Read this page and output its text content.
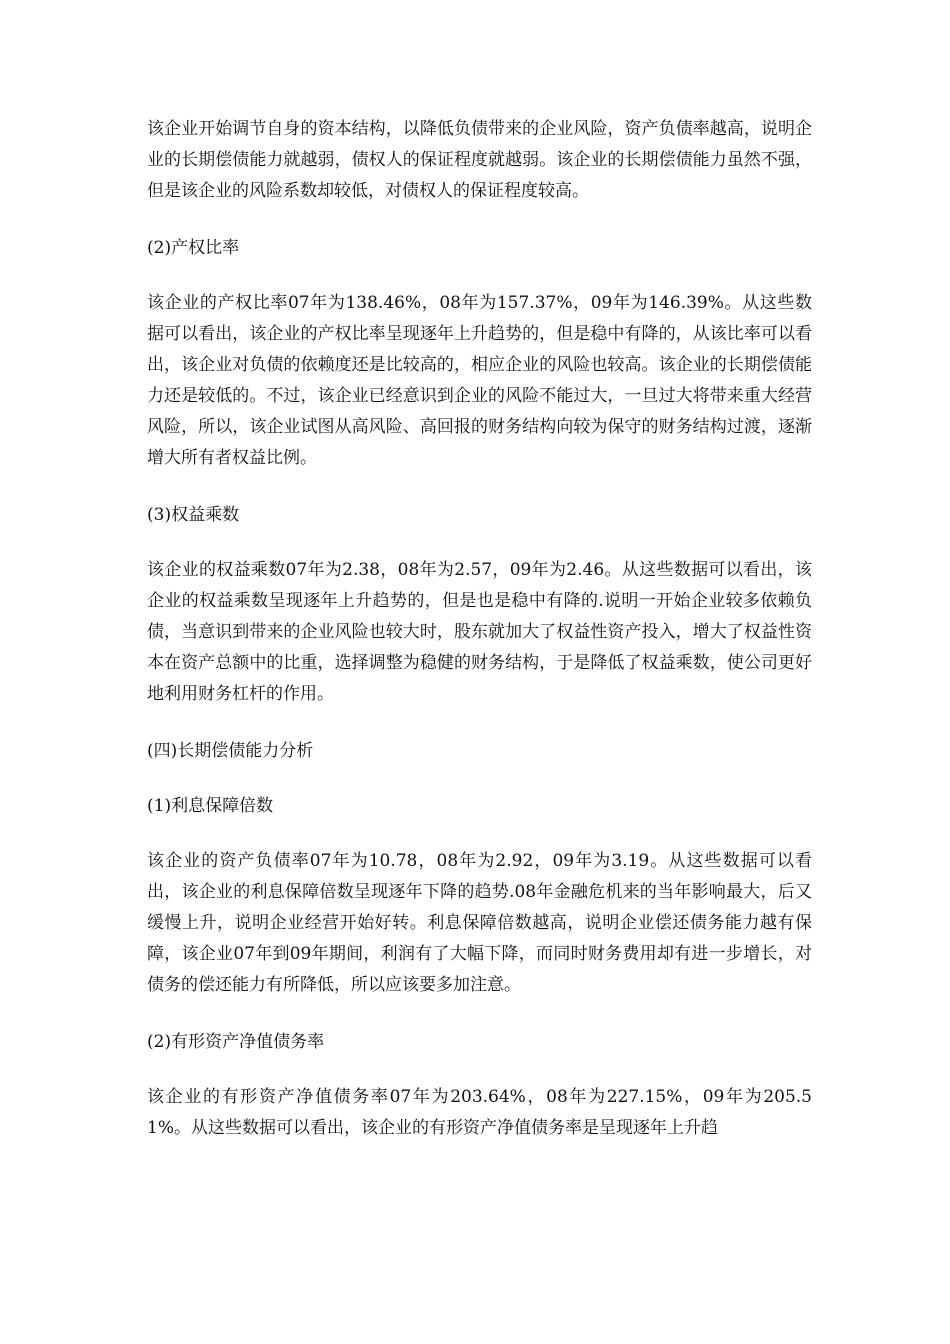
该企业开始调节自身的资本结构，以降低负债带来的企业风险，资产负债率越高，说明企业的长期偿债能力就越弱，债权人的保证程度就越弱。该企业的长期偿债能力虽然不强，但是该企业的风险系数却较低，对债权人的保证程度较高。

(2)产权比率

该企业的产权比率07年为138.46%，08年为157.37%，09年为146.39%。从这些数据可以看出，该企业的产权比率呈现逐年上升趋势的，但是稳中有降的，从该比率可以看出，该企业对负债的依赖度还是比较高的，相应企业的风险也较高。该企业的长期偿债能力还是较低的。不过，该企业已经意识到企业的风险不能过大，一旦过大将带来重大经营风险，所以，该企业试图从高风险、高回报的财务结构向较为保守的财务结构过渡，逐渐增大所有者权益比例。

(3)权益乘数

该企业的权益乘数07年为2.38，08年为2.57，09年为2.46。从这些数据可以看出，该企业的权益乘数呈现逐年上升趋势的，但是也是稳中有降的.说明一开始企业较多依赖负债，当意识到带来的企业风险也较大时，股东就加大了权益性资产投入，增大了权益性资本在资产总额中的比重，选择调整为稳健的财务结构，于是降低了权益乘数，使公司更好地利用财务杠杆的作用。

(四)长期偿债能力分析

(1)利息保障倍数

该企业的资产负债率07年为10.78，08年为2.92，09年为3.19。从这些数据可以看出，该企业的利息保障倍数呈现逐年下降的趋势.08年金融危机来的当年影响最大，后又缓慢上升，说明企业经营开始好转。利息保障倍数越高，说明企业偿还债务能力越有保障，该企业07年到09年期间，利润有了大幅下降，而同时财务费用却有进一步增长，对债务的偿还能力有所降低，所以应该要多加注意。

(2)有形资产净值债务率

该企业的有形资产净值债务率07年为203.64%，08年为227.15%，09年为205.51%。从这些数据可以看出，该企业的有形资产净值债务率是呈现逐年上升趋
